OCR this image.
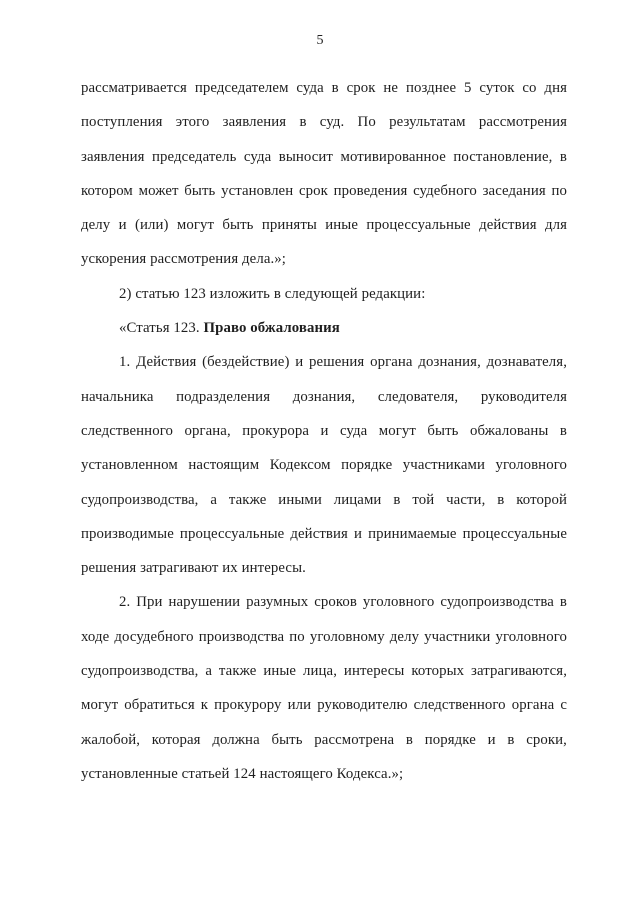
5
рассматривается председателем суда в срок не позднее 5 суток со дня
поступления этого заявления в суд. По результатам рассмотрения
заявления председатель суда выносит мотивированное постановление, в
котором может быть установлен срок проведения судебного заседания по
делу и (или) могут быть приняты иные процессуальные действия для
ускорения рассмотрения дела.»;
2) статью 123 изложить в следующей редакции:
«Статья 123. Право обжалования
1. Действия (бездействие) и решения органа дознания, дознавателя,
начальника подразделения дознания, следователя, руководителя
следственного органа, прокурора и суда могут быть обжалованы в
установленном настоящим Кодексом порядке участниками уголовного
судопроизводства, а также иными лицами в той части, в которой
производимые процессуальные действия и принимаемые процессуальные
решения затрагивают их интересы.
2. При нарушении разумных сроков уголовного судопроизводства в
ходе досудебного производства по уголовному делу участники уголовного
судопроизводства, а также иные лица, интересы которых затрагиваются,
могут обратиться к прокурору или руководителю следственного органа с
жалобой, которая должна быть рассмотрена в порядке и в сроки,
установленные статьей 124 настоящего Кодекса.»;
